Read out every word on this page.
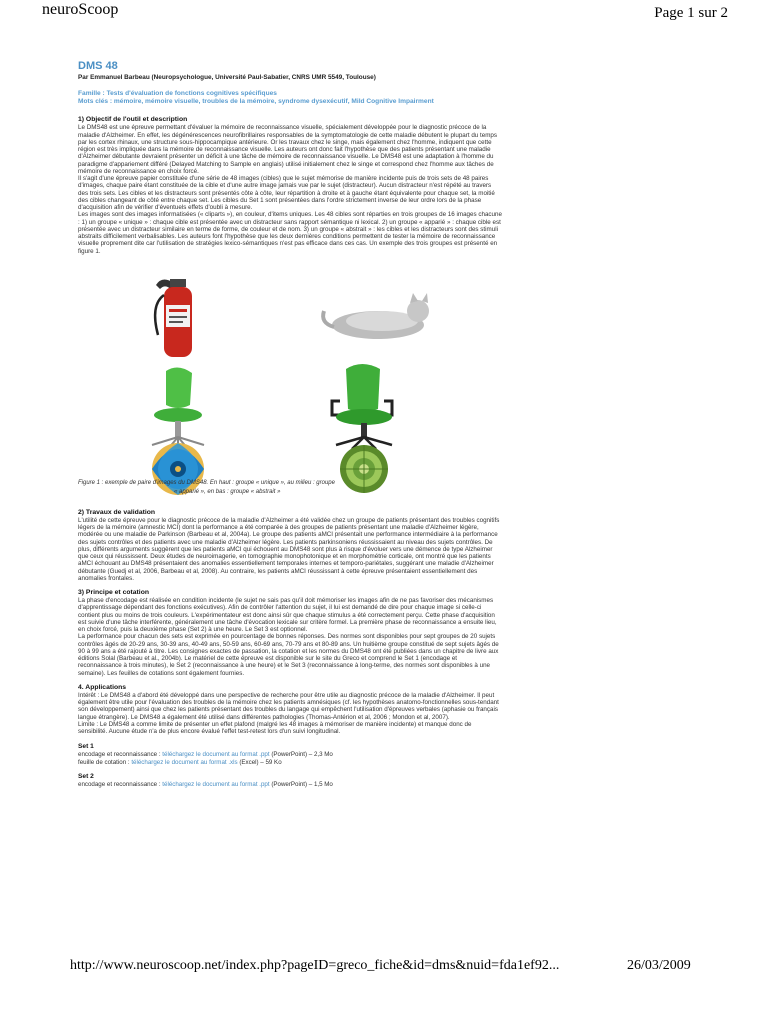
neuroScoop	Page 1 sur 2
DMS 48
Par Emmanuel Barbeau (Neuropsychologue, Université Paul-Sabatier, CNRS UMR 5549, Toulouse)
Famille : Tests d'évaluation de fonctions cognitives spécifiques
Mots clés : mémoire, mémoire visuelle, troubles de la mémoire, syndrome dysexécutif, Mild Cognitive Impairment
1) Objectif de l'outil et description

Le DMS48 est une épreuve permettant d'évaluer la mémoire de reconnaissance visuelle, spécialement développée pour le diagnostic précoce de la maladie d'Alzheimer. En effet, les dégénérescences neurofibrillaires responsables de la symptomatologie de cette maladie débutent le plupart du temps par les cortex rhinaux, une structure sous-hippocampique antérieure. Or les travaux chez le singe, mais également chez l'homme, indiquent que cette région est très impliquée dans la mémoire de reconnaissance visuelle. Les auteurs ont donc fait l'hypothèse que des patients présentant une maladie d'Alzheimer débutante devraient présenter un déficit à une tâche de mémoire de reconnaissance visuelle. Le DMS48 est une adaptation à l'homme du paradigme d'appariement différé (Delayed Matching to Sample en anglais) utilisé initialement chez le singe et correspond chez l'homme aux tâches de mémoire de reconnaissance en choix forcé.

Il s'agit d'une épreuve papier constituée d'une série de 48 images (cibles) que le sujet mémorise de manière incidente puis de trois sets de 48 paires d'images, chaque paire étant constituée de la cible et d'une autre image jamais vue par le sujet (distracteur). Aucun distracteur n'est répété au travers des trois sets. Les cibles et les distracteurs sont présentés côte à côte, leur répartition à droite et à gauche étant équivalente pour chaque set, la moitié des cibles changeant de côté entre chaque set. Les cibles du Set 1 sont présentées dans l'ordre strictement inverse de leur ordre lors de la phase d'acquisition afin de vérifier d'éventuels effets d'oubli à mesure.

Les images sont des images informatisées (« cliparts »), en couleur, d'items uniques. Les 48 cibles sont réparties en trois groupes de 16 images chacune : 1) un groupe « unique » : chaque cible est présentée avec un distracteur sans rapport sémantique ni lexical. 2) un groupe « apparié » : chaque cible est présentée avec un distracteur similaire en terme de forme, de couleur et de nom. 3) un groupe « abstrait » : les cibles et les distracteurs sont des stimuli abstraits difficilement verbalisables. Les auteurs font l'hypothèse que les deux dernières conditions permettent de tester la mémoire de reconnaissance visuelle proprement dite car l'utilisation de stratégies lexico-sémantiques n'est pas efficace dans ces cas. Un exemple des trois groupes est présenté en figure 1.

Figure 1 : exemple de paire d'images du DMS48. En haut : groupe « unique », au milieu : groupe
« apparié », en bas : groupe « abstrait »
2) Travaux de validation

L'utilité de cette épreuve pour le diagnostic précoce de la maladie d'Alzheimer a été validée chez un groupe de patients présentant des troubles cognitifs légers de la mémoire (amnestic MCI) dont la performance a été comparée à des groupes de patients présentant une maladie d'Alzheimer légère, modérée ou une maladie de Parkinson (Barbeau et al, 2004a). Le groupe des patients aMCI présentait une performance intermédiaire à la performance des sujets contrôles et des patients avec une maladie d'Alzheimer légère. Les patients parkinsoniens réussissaient au niveau des sujets contrôles. De plus, différents arguments suggèrent que les patients aMCI qui échouent au DMS48 sont plus à risque d'évoluer vers une démence de type Alzheimer que ceux qui réussissent. Deux études de neuroimagerie, en tomographie monophotonique et en morphométrie corticale, ont montré que les patients aMCI échouant au DMS48 présentaient des anomalies essentiellement temporales internes et temporo-pariétales, suggérant une maladie d'Alzheimer débutante (Guedj et al, 2006, Barbeau et al, 2008). Au contraire, les patients aMCI réussissant à cette épreuve présentaient essentiellement des anomalies frontales.

3) Principe et cotation

La phase d'encodage est réalisée en condition incidente (le sujet ne sais pas qu'il doit mémoriser les images afin de ne pas favoriser des mécanismes d'apprentissage dépendant des fonctions exécutives). Afin de contrôler l'attention du sujet, il lui est demandé de dire pour chaque image si celle-ci contient plus ou moins de trois couleurs. L'expérimentateur est donc ainsi sûr que chaque stimulus a été correctement perçu. Cette phase d'acquisition est suivie d'une tâche interférente, généralement une tâche d'évocation lexicale sur critère formel. La première phase de reconnaissance a ensuite lieu, en choix forcé, puis la deuxième phase (Set 2) à une heure. Le Set 3 est optionnel.

La performance pour chacun des sets est exprimée en pourcentage de bonnes réponses. Des normes sont disponibles pour sept groupes de 20 sujets contrôles âgés de 20-29 ans, 30-39 ans, 40-49 ans, 50-59 ans, 60-69 ans, 70-79 ans et 80-89 ans. Un huitième groupe constitué de sept sujets âgés de 90 à 99 ans a été rajouté à titre. Les consignes exactes de passation, la cotation et les normes du DMS48 ont été publiées dans un chapitre de livre aux éditions Solal (Barbeau et al., 2004b). Le matériel de cette épreuve est disponible sur le site du Greco et comprend le Set 1 (encodage et reconnaissance à trois minutes), le Set 2 (reconnaissance à une heure) et le Set 3 (reconnaissance à long-terme, des normes sont disponibles à une semaine). Les feuilles de cotations sont également fournies.

4. Applications

Intérêt : Le DMS48 a d'abord été développé dans une perspective de recherche pour être utile au diagnostic précoce de la maladie d'Alzheimer. Il peut également être utile pour l'évaluation des troubles de la mémoire chez les patients amnésiques (cf. les hypothèses anatomo-fonctionnelles sous-tendant son développement) ainsi que chez les patients présentant des troubles du langage qui empêchent l'utilisation d'épreuves verbales (aphasie ou français langue étrangère). Le DMS48 a également été utilisé dans différentes pathologies (Thomas-Antérion et al, 2006 ; Mondon et al, 2007).

Limite : Le DMS48 a comme limite de présenter un effet plafond (malgré les 48 images à mémoriser de manière incidente) et manque donc de sensibilité. Aucune étude n'a de plus encore évalué l'effet test-retest lors d'un suivi longitudinal.

Set 1
encodage et reconnaissance : téléchargez le document au format .ppt (PowerPoint) – 2,3 Mo
feuille de cotation : téléchargez le document au format .xls (Excel) – 59 Ko
Set 2
encodage et reconnaissance : téléchargez le document au format .ppt (PowerPoint) – 1,5 Mo
http://www.neuroscoop.net/index.php?pageID=greco_fiche&id=dms&nuid=fda1ef92...	26/03/2009
